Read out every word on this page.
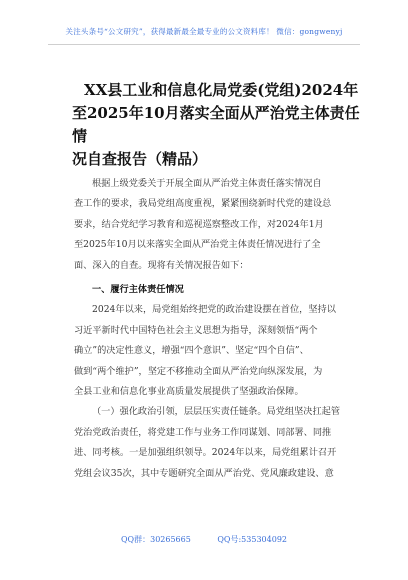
关注头条号“公文研究”，获得最新最全最专业的公文资料库！ 微信：gongwenyj
XX县工业和信息化局党委(党组)2024年
至2025年10月落实全面从严治党主体责任情
况自查报告（精品）

根据上级党委关于开展全面从严治党主体责任落实情况自
查工作的要求，我局党组高度重视，紧紧围绕新时代党的建设总
要求，结合党纪学习教育和巡视巡察整改工作，对2024年1月
至2025年10月以来落实全面从严治党主体责任情况进行了全
面、深入的自查。现将有关情况报告如下：

一、履行主体责任情况

2024年以来，局党组始终把党的政治建设摆在首位，坚持以
习近平新时代中国特色社会主义思想为指导，深刻领悟“两个
确立”的决定性意义，增强“四个意识”、坚定“四个自信”、
做到“两个维护”，坚定不移推动全面从严治党向纵深发展，为
全县工业和信息化事业高质量发展提供了坚强政治保障。

（一）强化政治引领，层层压实责任链条。局党组坚决扛起管
党治党政治责任，将党建工作与业务工作同谋划、同部署、同推
进、同考核。一是加强组织领导。2024年以来，局党组累计召开
党组会议35次，其中专题研究全面从严治党、党风廉政建设、意

QQ群：30265665	QQ号:535304092
